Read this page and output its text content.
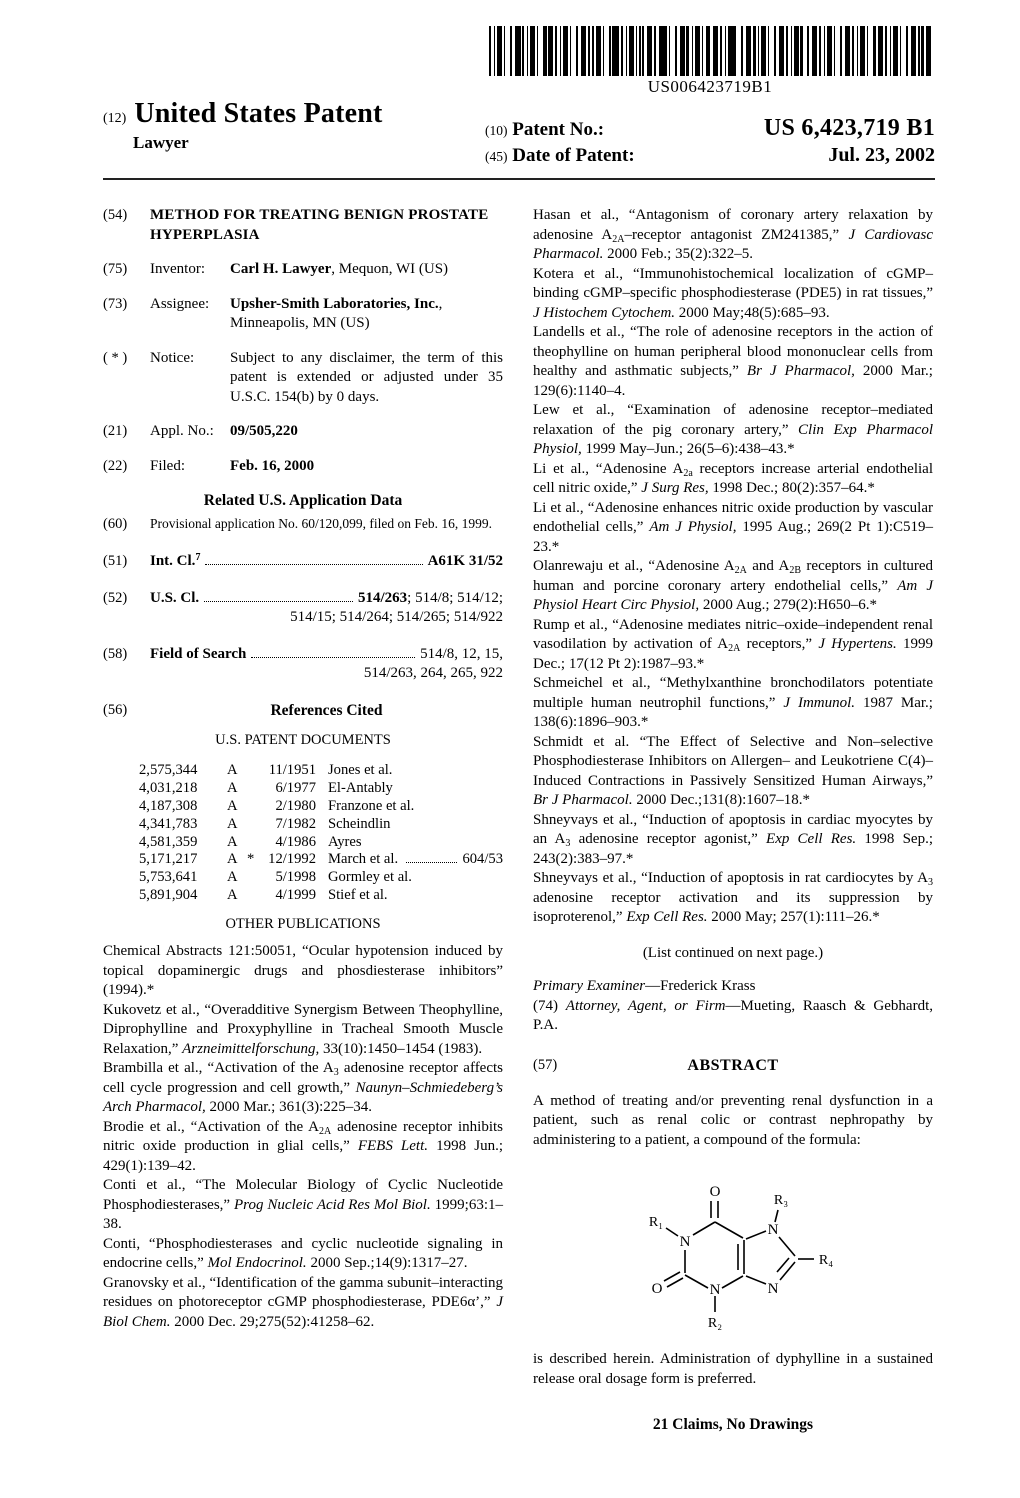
(12) United States Patent
Lawyer
US006423719B1
(10) Patent No.:	US 6,423,719 B1
(45) Date of Patent:	Jul. 23, 2002
(54)	METHOD FOR TREATING BENIGN PROSTATE HYPERPLASIA
(75)	Inventor:	Carl H. Lawyer, Mequon, WI (US)
(73)	Assignee:	Upsher-Smith Laboratories, Inc.,
Minneapolis, MN (US)
( * )	Notice:	Subject to any disclaimer, the term of this patent is extended or adjusted under 35 U.S.C. 154(b) by 0 days.
(21)	Appl. No.:	09/505,220
(22)	Filed:	Feb. 16, 2000
Related U.S. Application Data
(60)	Provisional application No. 60/120,099, filed on Feb. 16, 1999.
(51)	Int. Cl.$^7$	A61K 31/52
(52)	U.S. Cl.	514/263; 514/8; 514/12;
514/15; 514/264; 514/265; 514/922
(58)	Field of Search	514/8, 12, 15,
514/263, 264, 265, 922
(56)	References Cited
U.S. PATENT DOCUMENTS
2,575,344	A	11/1951 Jones et al.
4,031,218	A	6/1977 El-Antably
4,187,308	A	2/1980 Franzone et al.
4,341,783	A	7/1982 Scheindlin
4,581,359	A	4/1986 Ayres
5,171,217	A * 12/1992 March et al.	604/53
5,753,641	A	5/1998 Gormley et al.
5,891,904	A	4/1999 Stief et al.
OTHER PUBLICATIONS

Chemical Abstracts 121:50051, “Ocular hypotension induced by topical dopaminergic drugs and phosdiesterase inhibitors” (1994).*

Kukovetz et al., “Overadditive Synergism Between Theophylline, Diprophylline and Proxyphylline in Tracheal Smooth Muscle Relaxation,” Arzneimittelforschung, 33(10):1450–1454 (1983).

Brambilla et al., “Activation of the $A_3$ adenosine receptor affects cell cycle progression and cell growth,” Naunyn–Schmiedeberg’s Arch Pharmacol, 2000 Mar.; 361(3):225–34.

Brodie et al., “Activation of the $A_{2A}$ adenosine receptor inhibits nitric oxide production in glial cells,” FEBS Lett. 1998 Jun.; 429(1):139–42.

Conti et al., “The Molecular Biology of Cyclic Nucleotide Phosphodiesterases,” Prog Nucleic Acid Res Mol Biol. 1999;63:1–38.

Conti, “Phosphodiesterases and cyclic nucleotide signaling in endocrine cells,” Mol Endocrinol. 2000 Sep.;14(9):1317–27.

Granovsky et al., “Identification of the gamma subunit–interacting residues on photoreceptor cGMP phosphodiesterase, PDE6α’,” J Biol Chem. 2000 Dec. 29;275(52):41258–62.

Hasan et al., “Antagonism of coronary artery relaxation by adenosine $A_{2A}$–receptor antagonist ZM241385,” J Cardiovasc Pharmacol. 2000 Feb.; 35(2):322–5.

Kotera et al., “Immunohistochemical localization of cGMP–binding cGMP–specific phosphodiesterase (PDE5) in rat tissues,” J Histochem Cytochem. 2000 May;48(5):685–93.

Landells et al., “The role of adenosine receptors in the action of theophylline on human peripheral blood mononuclear cells from healthy and asthmatic subjects,” Br J Pharmacol, 2000 Mar.; 129(6):1140–4.

Lew et al., “Examination of adenosine receptor–mediated relaxation of the pig coronary artery,” Clin Exp Pharmacol Physiol, 1999 May–Jun.; 26(5–6):438–43.*

Li et al., “Adenosine $A_{2a}$ receptors increase arterial endothelial cell nitric oxide,” J Surg Res, 1998 Dec.; 80(2):357–64.*

Li et al., “Adenosine enhances nitric oxide production by vascular endothelial cells,” Am J Physiol, 1995 Aug.; 269(2 Pt 1):C519–23.*

Olanrewaju et al., “Adenosine $A_{2A}$ and $A_{2B}$ receptors in cultured human and porcine coronary artery endothelial cells,” Am J Physiol Heart Circ Physiol, 2000 Aug.; 279(2):H650–6.*

Rump et al., “Adenosine mediates nitric–oxide–independent renal vasodilation by activation of $A_{2A}$ receptors,” J Hypertens. 1999 Dec.; 17(12 Pt 2):1987–93.*

Schmeichel et al., “Methylxanthine bronchodilators potentiate multiple human neutrophil functions,” J Immunol. 1987 Mar.; 138(6):1896–903.*

Schmidt et al. “The Effect of Selective and Non–selective Phosphodiesterase Inhibitors on Allergen– and Leukotriene C(4)–Induced Contractions in Passively Sensitized Human Airways,” Br J Pharmacol. 2000 Dec.;131(8):1607–18.*

Shneyvays et al., “Induction of apoptosis in cardiac myocytes by an $A_3$ adenosine receptor agonist,” Exp Cell Res. 1998 Sep.; 243(2):383–97.*

Shneyvays et al., “Induction of apoptosis in rat cardiocytes by $A_3$ adenosine receptor activation and its suppression by isoproterenol,” Exp Cell Res. 2000 May; 257(1):111–26.*

(List continued on next page.)

Primary Examiner—Frederick Krass

(74) Attorney, Agent, or Firm—Mueting, Raasch & Gebhardt, P.A.

(57)	ABSTRACT

A method of treating and/or preventing renal dysfunction in a patient, such as renal colic or contrast nephropathy by administering to a patient, a compound of the formula:

O
N
O	N
N
N
R₁
R₂
R₃
R₄

is described herein. Administration of dyphylline in a sustained release oral dosage form is preferred.

21 Claims, No Drawings
